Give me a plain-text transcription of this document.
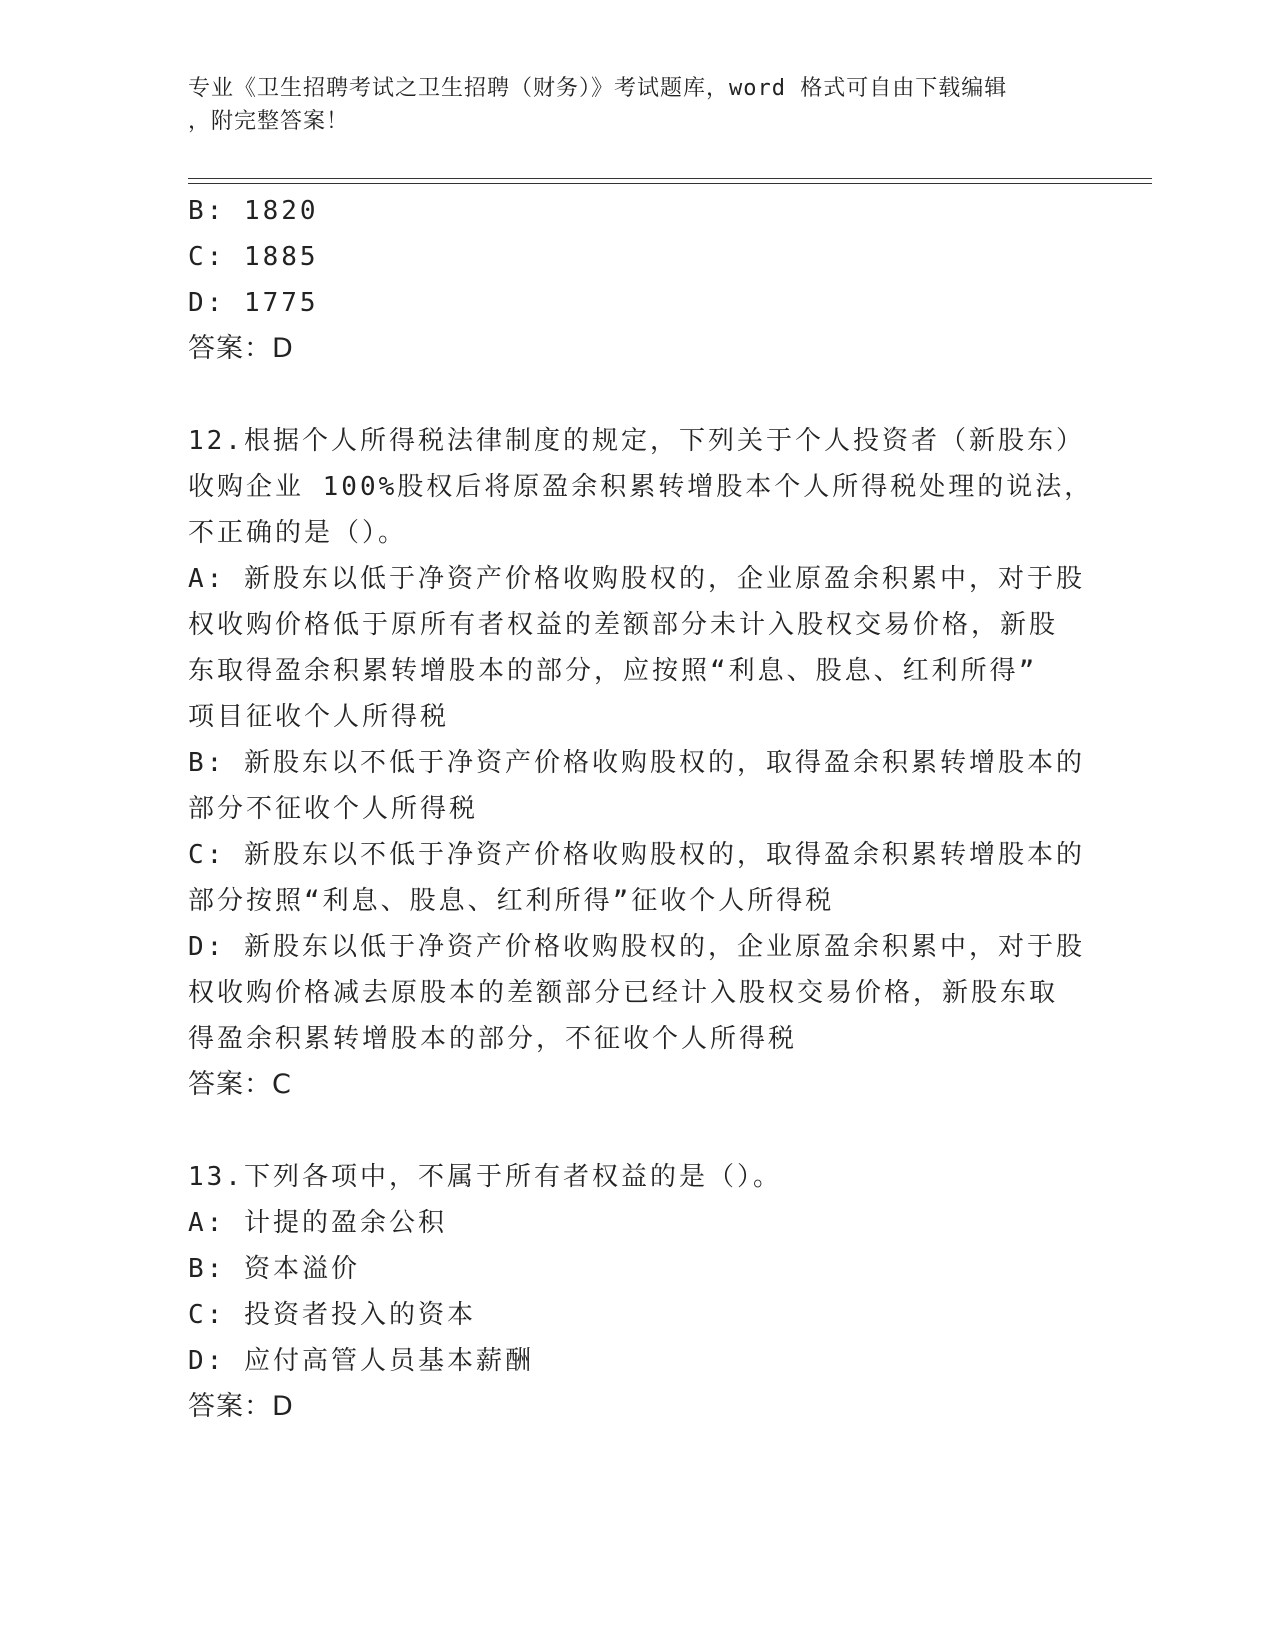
专业《卫生招聘考试之卫生招聘（财务）》考试题库，word 格式可自由下载编辑
，附完整答案！
B: 1820
C: 1885
D: 1775
答案：D
12.根据个人所得税法律制度的规定，下列关于个人投资者（新股东）
收购企业 100%股权后将原盈余积累转增股本个人所得税处理的说法，
不正确的是（）。
A: 新股东以低于净资产价格收购股权的，企业原盈余积累中，对于股
权收购价格低于原所有者权益的差额部分未计入股权交易价格，新股
东取得盈余积累转增股本的部分，应按照“利息、股息、红利所得”
项目征收个人所得税
B: 新股东以不低于净资产价格收购股权的，取得盈余积累转增股本的
部分不征收个人所得税
C: 新股东以不低于净资产价格收购股权的，取得盈余积累转增股本的
部分按照“利息、股息、红利所得”征收个人所得税
D: 新股东以低于净资产价格收购股权的，企业原盈余积累中，对于股
权收购价格减去原股本的差额部分已经计入股权交易价格，新股东取
得盈余积累转增股本的部分，不征收个人所得税
答案：C
13.下列各项中，不属于所有者权益的是（）。
A: 计提的盈余公积
B: 资本溢价
C: 投资者投入的资本
D: 应付高管人员基本薪酬
答案：D
